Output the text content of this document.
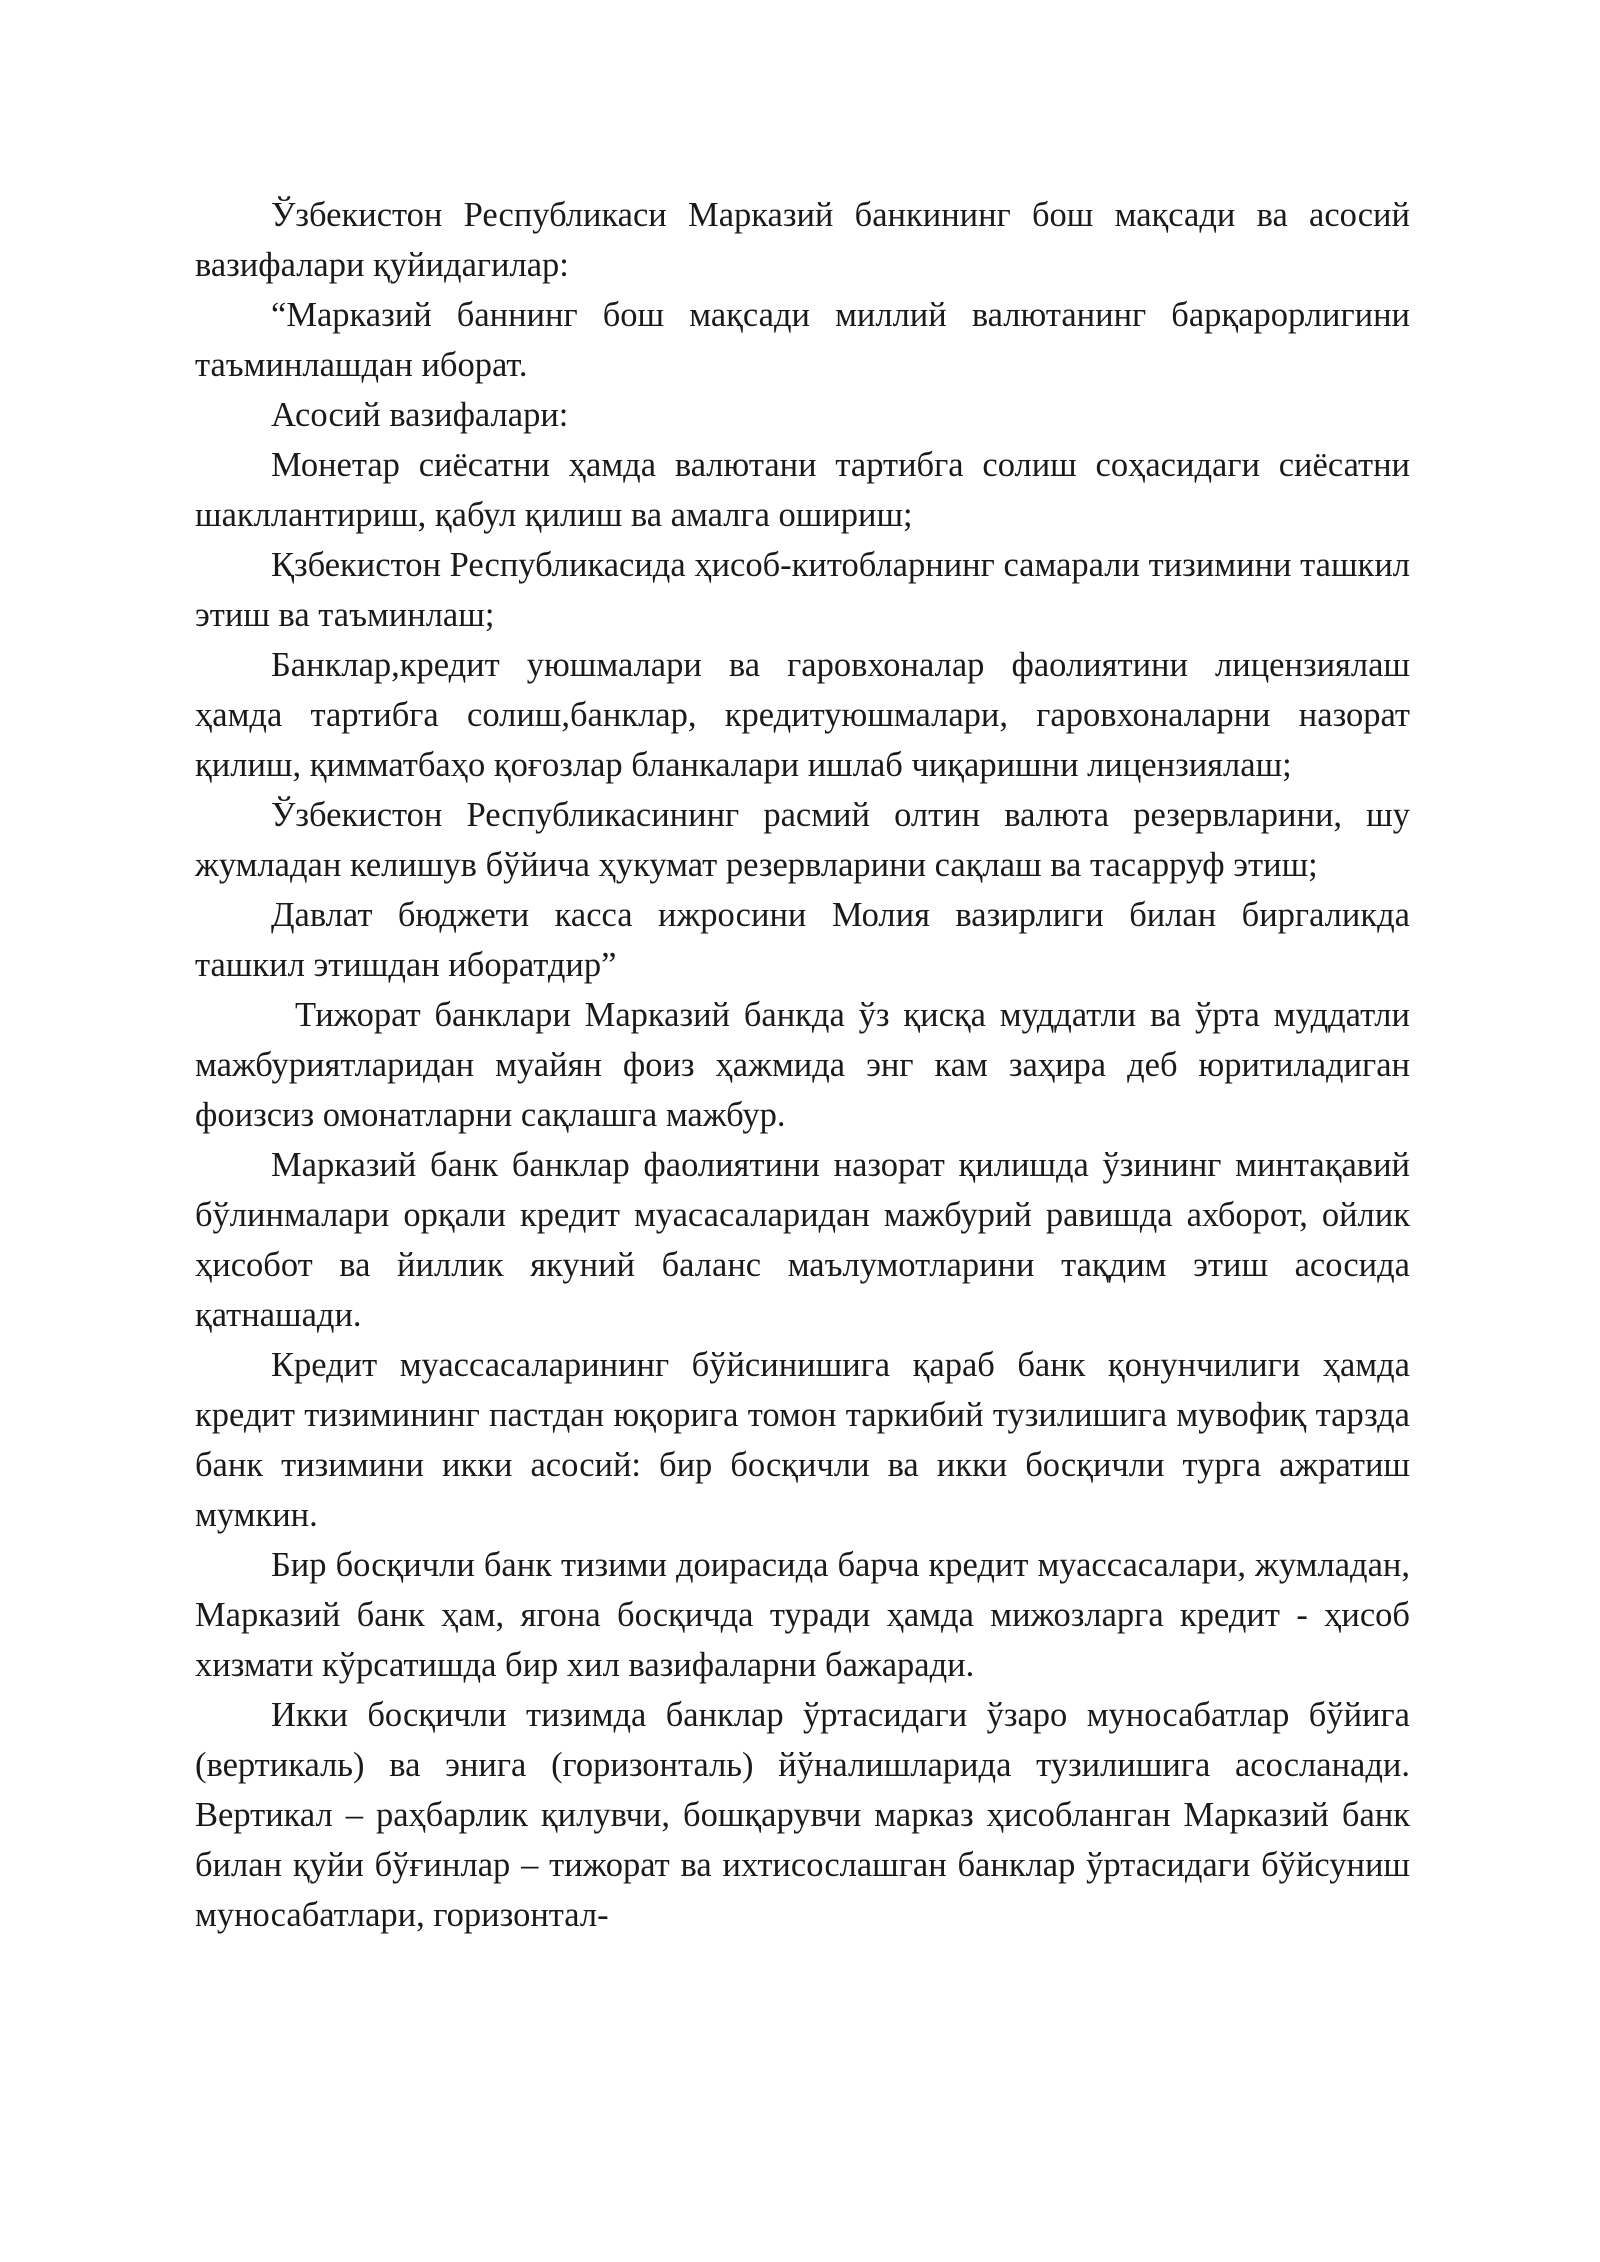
Ўзбекистон Республикаси Марказий банкининг бош мақсади ва асосий вазифалари қуйидагилар:

“Марказий баннинг бош мақсади миллий валютанинг барқарорлигини таъминлашдан иборат.

Асосий вазифалари:

Монетар сиёсатни ҳамда валютани тартибга солиш соҳасидаги сиёсатни шакллантириш, қабул қилиш ва амалга ошириш;

Қзбекистон Республикасида ҳисоб-китобларнинг самарали тизимини ташкил этиш ва таъминлаш;

Банклар,кредит уюшмалари ва гаровхоналар фаолиятини лицензиялаш ҳамда тартибга солиш,банклар, кредитуюшмалари, гаровхоналарни назорат қилиш, қимматбаҳо қоғозлар бланкалари ишлаб чиқаришни лицензиялаш;

Ўзбекистон Республикасининг расмий олтин валюта резервларини, шу жумладан келишув бўйича ҳукумат резервларини сақлаш ва тасарруф этиш;

Давлат бюджети касса ижросини Молия вазирлиги билан биргаликда ташкил этишдан иборатдир”

Тижорат банклари Марказий банкда ўз қисқа муддатли ва ўрта муддатли мажбуриятларидан муайян фоиз ҳажмида энг кам заҳира деб юритиладиган фоизсиз омонатларни сақлашга мажбур.

Марказий банк банклар фаолиятини назорат қилишда ўзининг минтақавий бўлинмалари орқали кредит муасасаларидан мажбурий равишда ахборот, ойлик ҳисобот ва йиллик якуний баланс маълумотларини тақдим этиш асосида қатнашади.

Кредит муассасаларининг бўйсинишига қараб банк қонунчилиги ҳамда кредит тизимининг пастдан юқорига томон таркибий тузилишига мувофиқ тарзда банк тизимини икки асосий: бир босқичли ва икки босқичли турга ажратиш мумкин.

Бир босқичли банк тизими доирасида барча кредит муассасалари, жумладан, Марказий банк ҳам, ягона босқичда туради ҳамда мижозларга кредит - ҳисоб хизмати кўрсатишда бир хил вазифаларни бажаради.

Икки босқичли тизимда банклар ўртасидаги ўзаро муносабатлар бўйига (вертикаль) ва энига (горизонталь) йўналишларида тузилишига асосланади. Вертикал – раҳбарлик қилувчи, бошқарувчи марказ ҳисобланган Марказий банк билан қуйи бўғинлар – тижорат ва ихтисослашган банклар ўртасидаги бўйсуниш муносабатлари, горизонтал-
